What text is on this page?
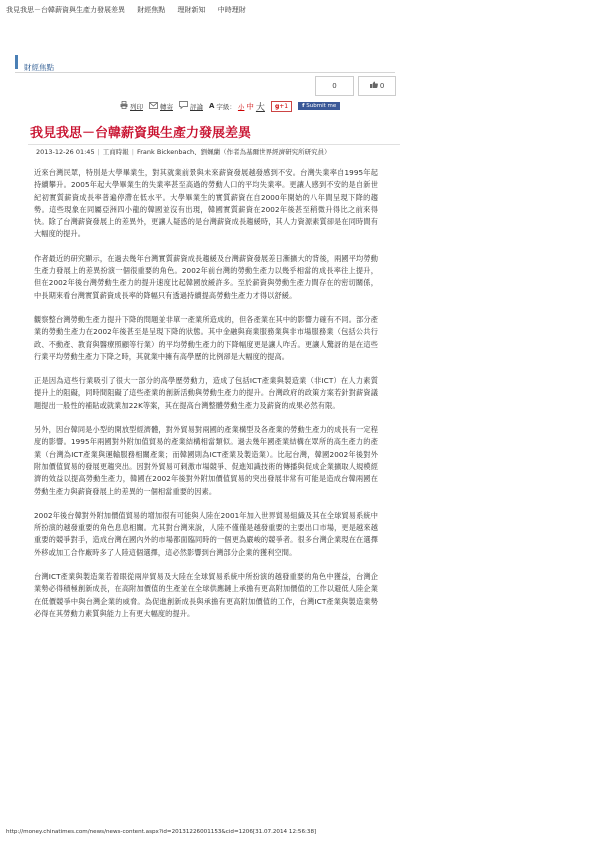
我見我思－台韓薪資與生產力發展差異 財經焦點 理財新知 中時理財
財經焦點
0	0
列印	轉寄	評論 A 字級： 小 中 大	g+1	f Submit me
我見我思－台韓薪資與生產力發展差異
2013-12-26 01:45 | 工商時報 | Frank Bickenbach、劉姵蘭（作者為基爾世界經濟研究所研究員）

近來台灣民眾，特別是大學畢業生，對其就業前景與未來薪資發展越發感到不安。台灣失業率自1995年起持續攀升。2005年起大學畢業生的失業率甚至高過的勞動人口的平均失業率。更讓人感到不安的是自新世紀初實質薪資成長率普遍停滯在低水平。大學畢業生的實質薪資在自2000年開始的八年間呈現下降的趨勢。這些現象在同屬亞洲四小龍的韓國並沒有出現，韓國實質薪資在2002年後甚至稍微升得比之前來得快。除了台灣薪資發展上的差異外，更讓人疑惑的是台灣薪資成長趨緩時，其人力資源素質卻是在同時間有大幅度的提升。

作者最近的研究顯示，在過去幾年台灣實質薪資成長趨緩及台灣薪資發展差日漸擴大的背後，兩國平均勞動生產力發展上的差異扮演一個很重要的角色。2002年前台灣的勞動生產力以幾乎相當的成長率往上提升，但在2002年後台灣勞動生產力的提升速度比起韓國放緩許多。至於薪資與勞動生產力間存在的密切關係，中長期來看台灣實質薪資成長率的降幅只有透過持續提高勞動生產力才得以舒緩。

觀察整台灣勞動生產力提升下降的問題並非單一產業所造成的，但各產業在其中的影響力確有不同。部分產業的勞動生產力在2002年後甚至是呈現下降的狀態。其中金融與商業服務業與非市場服務業（包括公共行政、不動產、教育與醫療照顧等行業）的平均勞動生產力的下降幅度更是讓人咋舌。更讓人驚訝的是在這些行業平均勞動生產力下降之時，其就業中擁有高學歷的比例卻是大幅度的提高。

正是因為這些行業吸引了很大一部分的高學歷勞動力，造成了包括ICT產業與製造業（非ICT）在人力素質提升上的阻礙，同時間阻礙了這些產業的創新活動與勞動生產力的提升。台灣政府的政策方案若針對薪資議題提出一般性的補貼或就業加22K等案，其在提高台灣整體勞動生產力及薪資的成果必然有限。

另外，因台韓同是小型的開放型經濟體，對外貿易對兩國的產業構型及各產業的勞動生產力的成長有一定程度的影響。1995年兩國對外附加值貿易的產業結構相當類似。過去幾年國產業結構在眾所的高生產力的產業（台灣為ICT產業與運輸服務相關產業；而韓國則為ICT產業及製造業）。比起台灣，韓國2002年後對外附加價值貿易的發展更趨突出。因對外貿易可刺激市場競爭、促進知識技術的傳播與促成企業擴取人規模經濟的效益以提高勞動生產力，韓國在2002年後對外附加價值貿易的突出發展非常有可能是造成台韓兩國在勞動生產力與薪資發展上的差異的一個相當重要的因素。

2002年後台韓對外附加價值貿易的增加很有可能與人陸在2001年加入世界貿易組織及其在全球貿易系統中所扮演的越發重要的角色息息相關。尤其對台灣來說，人陸不僅僅是越發重要的主要出口市場，更是越來越重要的競爭對手，造成台灣在國內外的市場都面臨同時的一個更為嚴峻的競爭者。很多台灣企業現在在選擇外移或加工合作廠時多了人陸這個選擇，這必然影響到台灣部分企業的獲利空間。

台灣ICT產業與製造業若着眼從兩岸貿易及大陸在全球貿易系統中所扮演的越發重要的角色中獲益，台灣企業勢必得積極創新成長，在高附加價值的生產並在全球供應鏈上承擔有更高附加價值的工作以避低人陸企業在低價競爭中與台灣企業的威脅。為促進創新成長與承擔有更高附加價值的工作，台灣ICT產業與製造業勢必得在其勞動力素質與能力上有更大幅度的提升。

http://money.chinatimes.com/news/news-content.aspx?id=20131226001153&cid=1206[31.07.2014 12:56:38]
